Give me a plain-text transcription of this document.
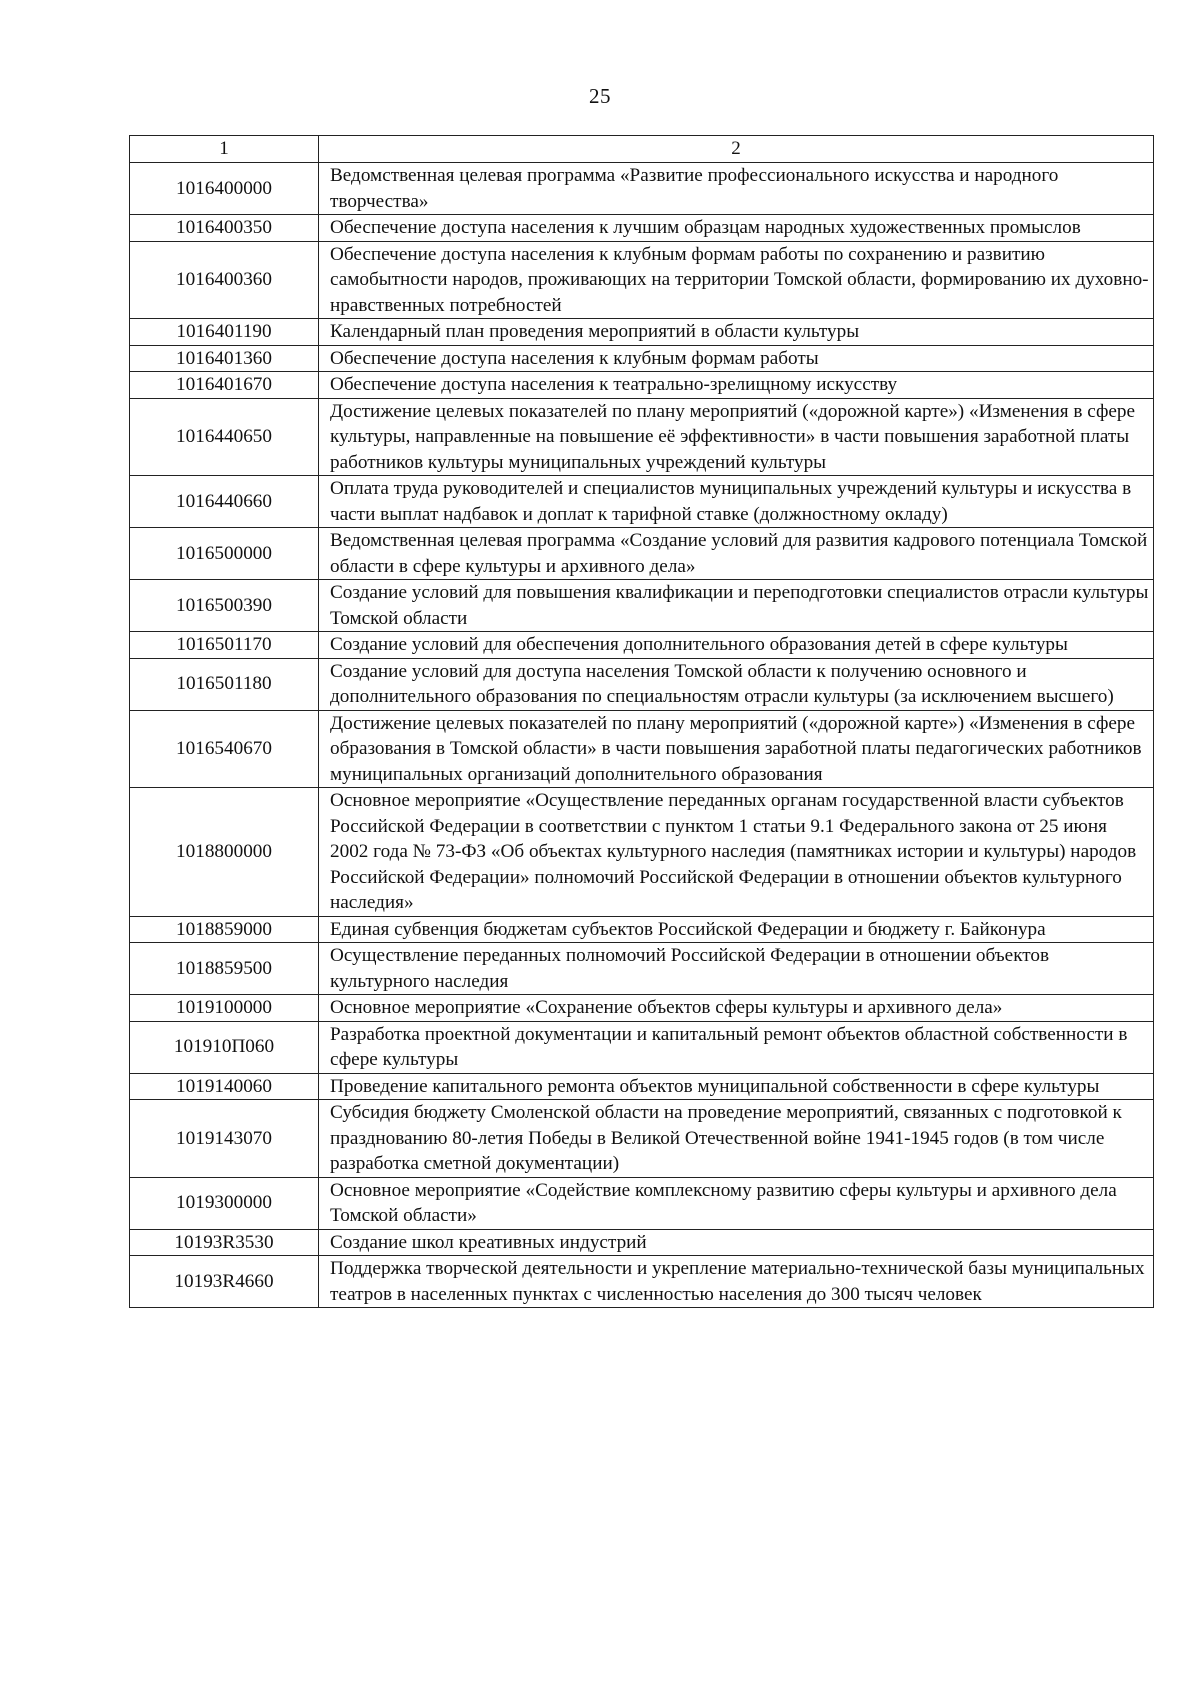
25
1	2
1016400000	Ведомственная целевая программа «Развитие профессионального искусства и народного творчества»
1016400350	Обеспечение доступа населения к лучшим образцам народных художественных промыслов
1016400360	Обеспечение доступа населения к клубным формам работы по сохранению и развитию самобытности народов, проживающих на территории Томской области, формированию их духовно-нравственных потребностей
1016401190	Календарный план проведения мероприятий в области культуры
1016401360	Обеспечение доступа населения к клубным формам работы
1016401670	Обеспечение доступа населения к театрально-зрелищному искусству
1016440650	Достижение целевых показателей по плану мероприятий («дорожной карте») «Изменения в сфере культуры, направленные на повышение её эффективности» в части повышения заработной платы работников культуры муниципальных учреждений культуры
1016440660	Оплата труда руководителей и специалистов муниципальных учреждений культуры и искусства в части выплат надбавок и доплат к тарифной ставке (должностному окладу)
1016500000	Ведомственная целевая программа «Создание условий для развития кадрового потенциала Томской области в сфере культуры и архивного дела»
1016500390	Создание условий для повышения квалификации и переподготовки специалистов отрасли культуры Томской области
1016501170	Создание условий для обеспечения дополнительного образования детей в сфере культуры
1016501180	Создание условий для доступа населения Томской области к получению основного и дополнительного образования по специальностям отрасли культуры (за исключением высшего)
1016540670	Достижение целевых показателей по плану мероприятий («дорожной карте») «Изменения в сфере образования в Томской области» в части повышения заработной платы педагогических работников муниципальных организаций дополнительного образования
1018800000	Основное мероприятие «Осуществление переданных органам государственной власти субъектов Российской Федерации в соответствии с пунктом 1 статьи 9.1 Федерального закона от 25 июня 2002 года № 73-ФЗ «Об объектах культурного наследия (памятниках истории и культуры) народов Российской Федерации» полномочий Российской Федерации в отношении объектов культурного наследия»
1018859000	Единая субвенция бюджетам субъектов Российской Федерации и бюджету г. Байконура
1018859500	Осуществление переданных полномочий Российской Федерации в отношении объектов культурного наследия
1019100000	Основное мероприятие «Сохранение объектов сферы культуры и архивного дела»
101910П060	Разработка проектной документации и капитальный ремонт объектов областной собственности в сфере культуры
1019140060	Проведение капитального ремонта объектов муниципальной собственности в сфере культуры
1019143070	Субсидия бюджету Смоленской области на проведение мероприятий, связанных с подготовкой к празднованию 80-летия Победы в Великой Отечественной войне 1941-1945 годов (в том числе разработка сметной документации)
1019300000	Основное мероприятие «Содействие комплексному развитию сферы культуры и архивного дела Томской области»
10193R3530	Создание школ креативных индустрий
10193R4660	Поддержка творческой деятельности и укрепление материально-технической базы муниципальных театров в населенных пунктах с численностью населения до 300 тысяч человек
